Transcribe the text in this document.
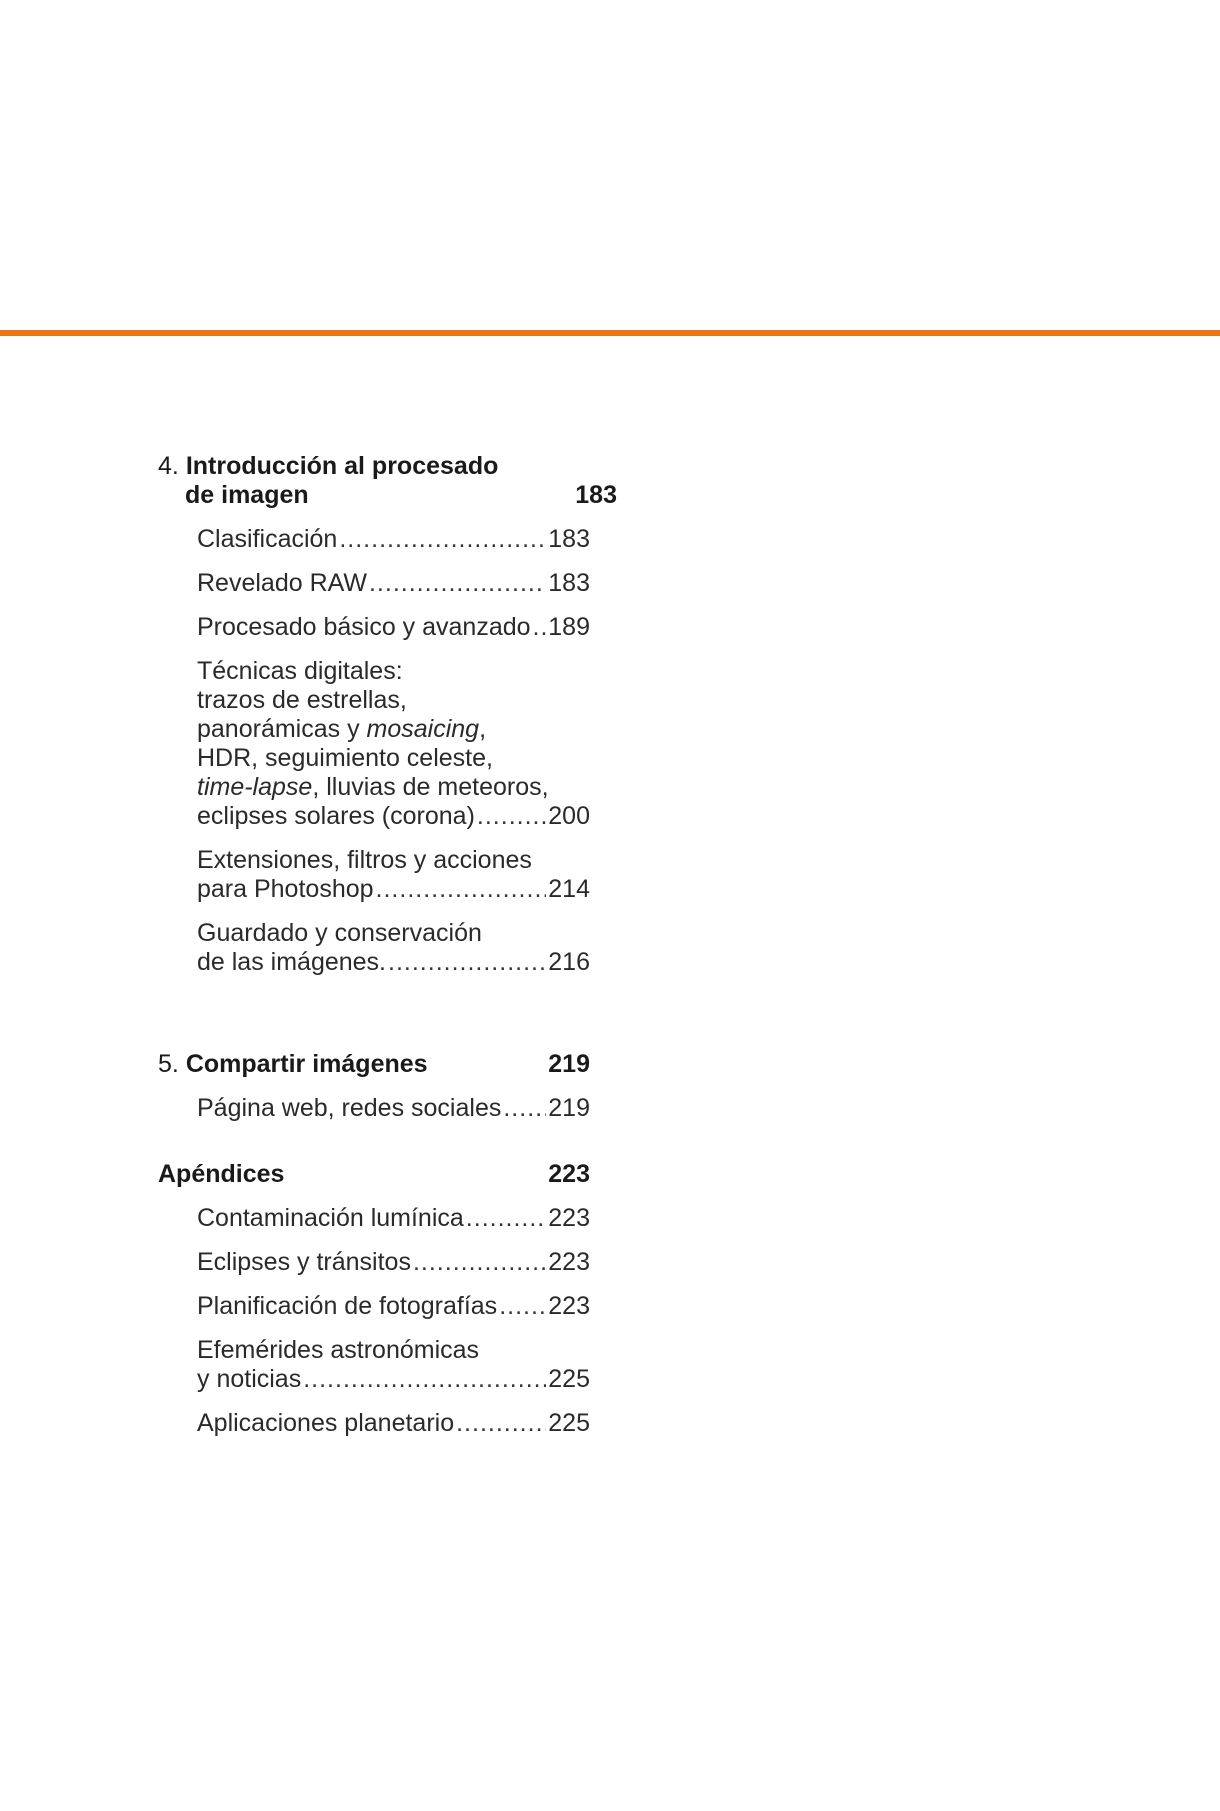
4.
Introducción al procesado
de imagen	183
Clasificación .....	183
Revelado RAW .....	183
Procesado básico y avanzado ..... 189
Técnicas digitales:
trazos de estrellas,
panorámicas y mosaicing,
HDR, seguimiento celeste,
time-lapse, lluvias de meteoros,
eclipses solares (corona) .....	200
Extensiones, filtros y acciones
para Photoshop .....	214
Guardado y conservación
de las imágenes. .....	216
5.
Compartir imágenes	219
Página web, redes sociales ..... 219
Apéndices	223
Contaminación lumínica .....	223
Eclipses y tránsitos .....	223
Planificación de fotografías ..... 223
Efemérides astronómicas
y noticias .....	225
Aplicaciones planetario .....	225
